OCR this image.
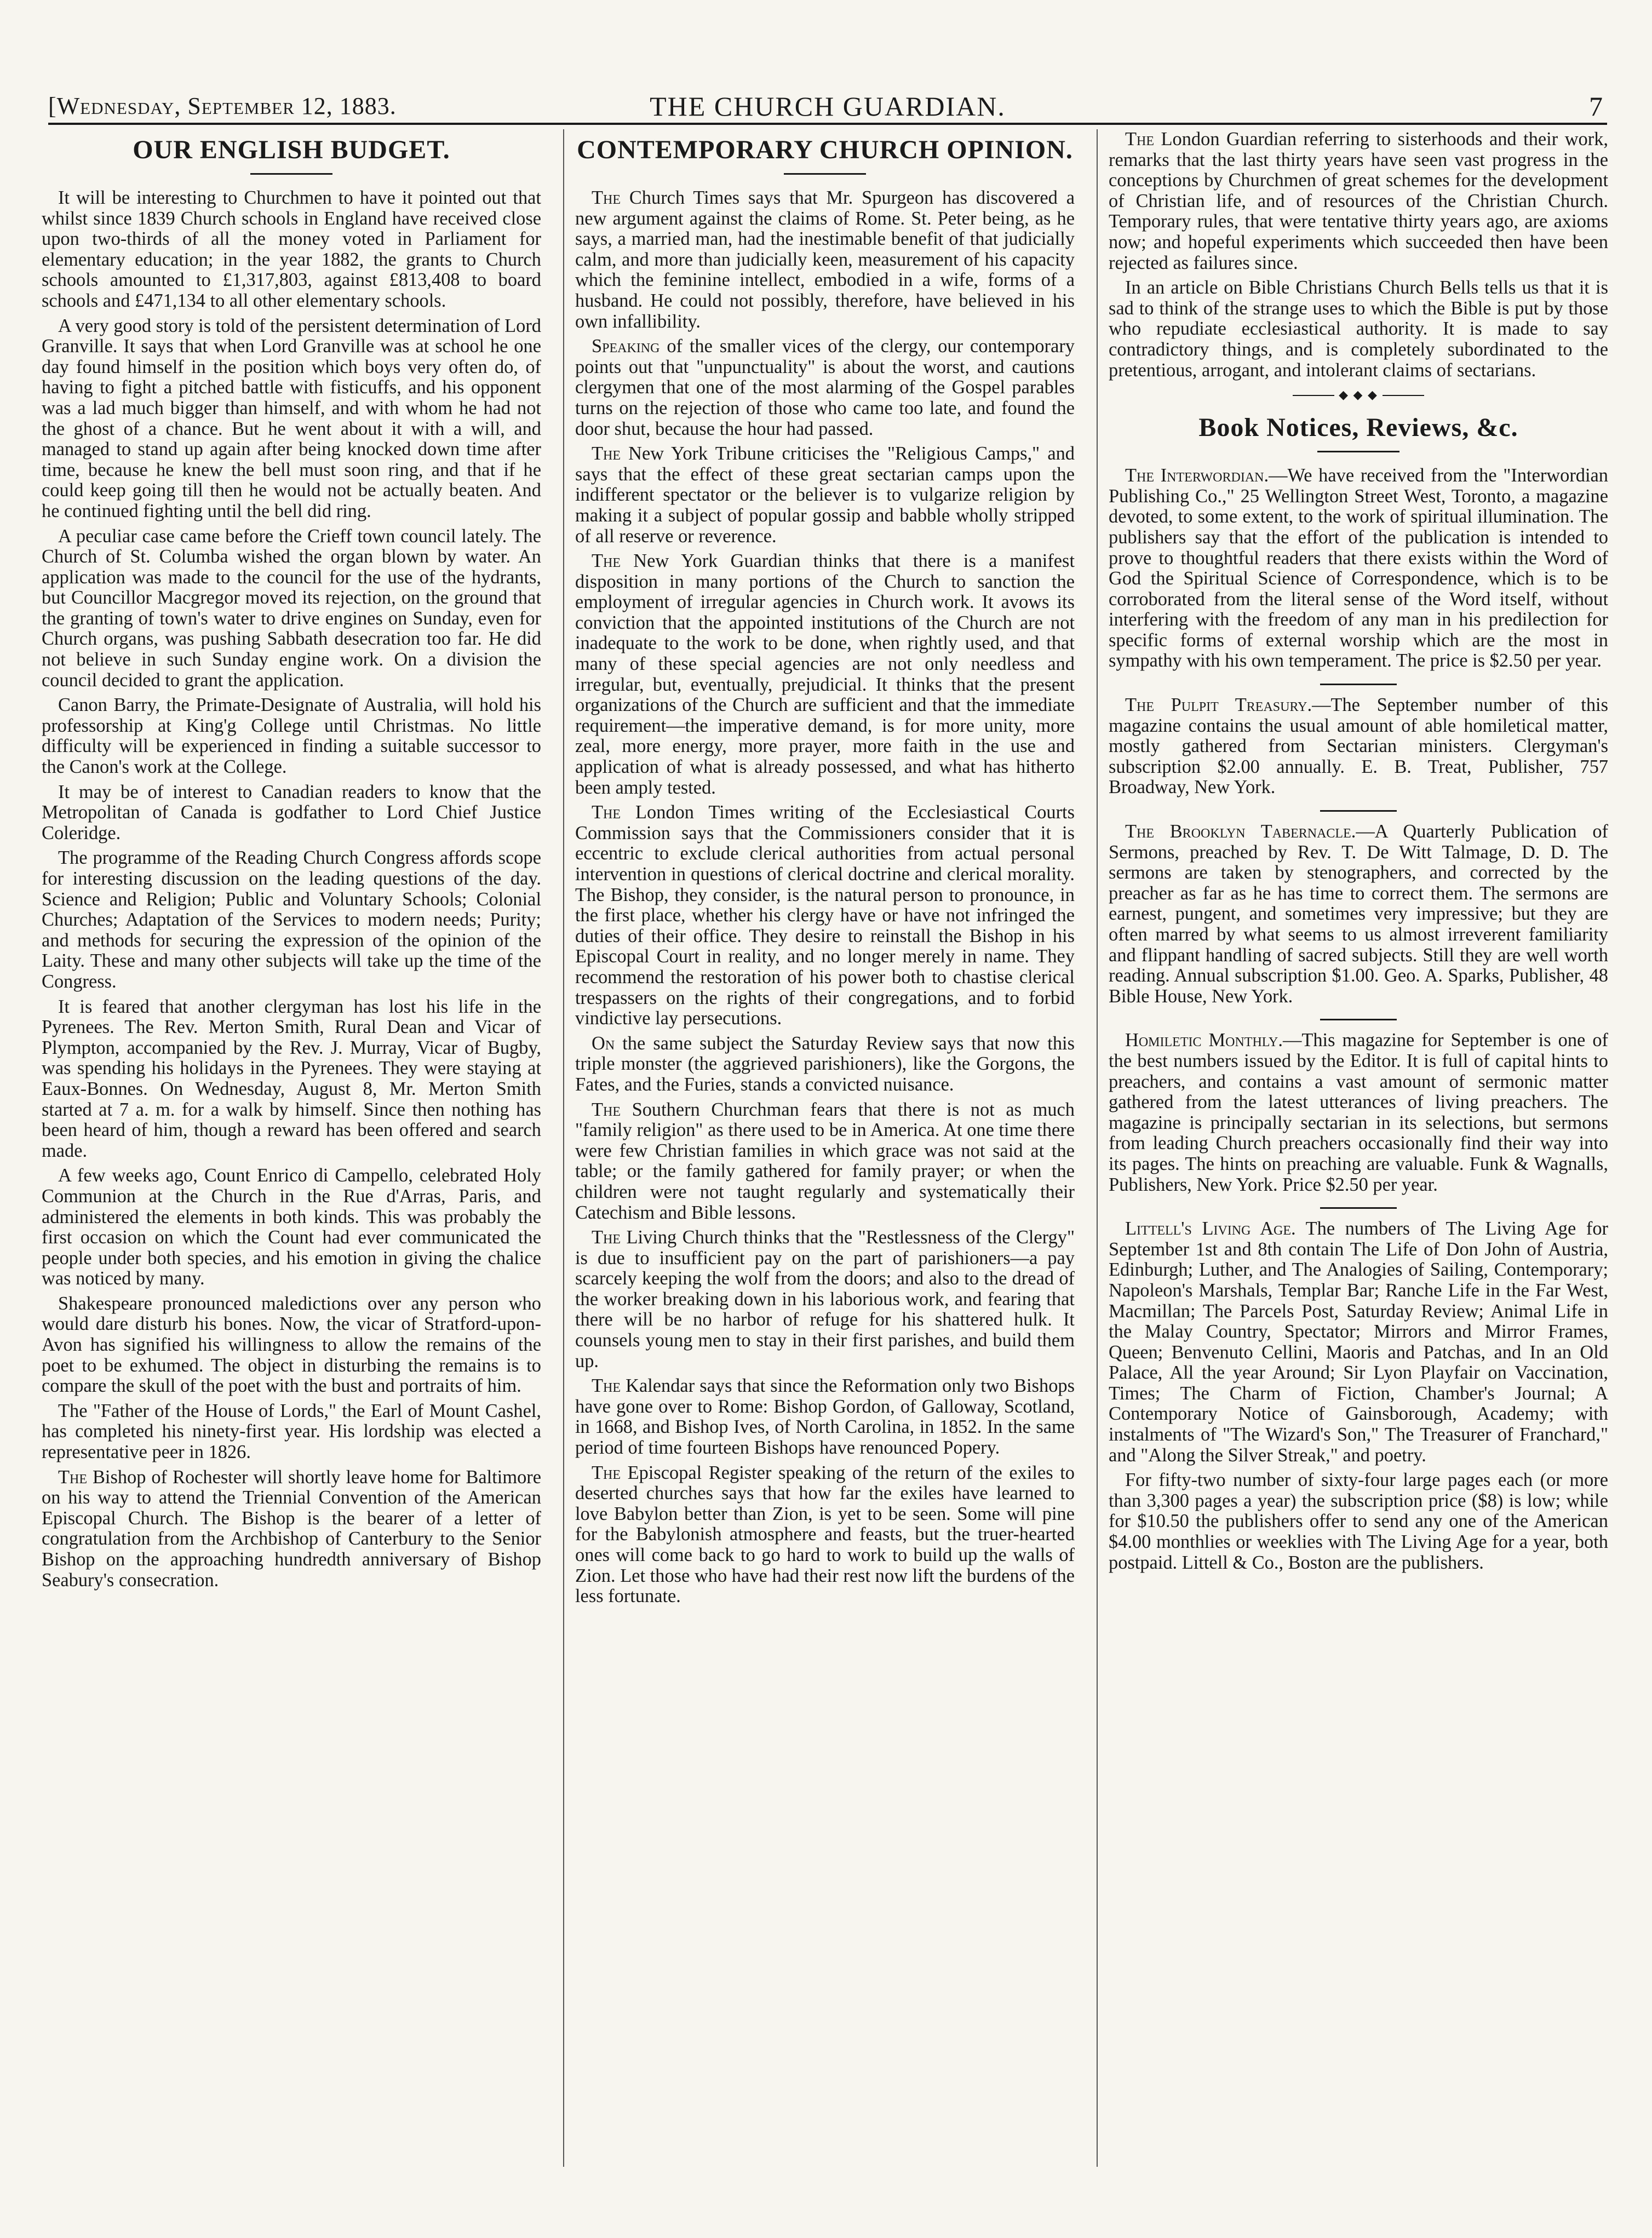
[Wednesday, September 12, 1883.	THE CHURCH GUARDIAN.	7
OUR ENGLISH BUDGET.

It will be interesting to Churchmen to have it pointed out that whilst since 1839 Church schools in England have received close upon two-thirds of all the money voted in Parliament for elementary education; in the year 1882, the grants to Church schools amounted to £1,317,803, against £813,408 to board schools and £471,134 to all other elementary schools.

A very good story is told of the persistent determination of Lord Granville. It says that when Lord Granville was at school he one day found himself in the position which boys very often do, of having to fight a pitched battle with fisticuffs, and his opponent was a lad much bigger than himself, and with whom he had not the ghost of a chance. But he went about it with a will, and managed to stand up again after being knocked down time after time, because he knew the bell must soon ring, and that if he could keep going till then he would not be actually beaten. And he continued fighting until the bell did ring.

A peculiar case came before the Crieff town council lately. The Church of St. Columba wished the organ blown by water. An application was made to the council for the use of the hydrants, but Councillor Macgregor moved its rejection, on the ground that the granting of town's water to drive engines on Sunday, even for Church organs, was pushing Sabbath desecration too far. He did not believe in such Sunday engine work. On a division the council decided to grant the application.

Canon Barry, the Primate-Designate of Australia, will hold his professorship at King'g College until Christmas. No little difficulty will be experienced in finding a suitable successor to the Canon's work at the College.

It may be of interest to Canadian readers to know that the Metropolitan of Canada is godfather to Lord Chief Justice Coleridge.

The programme of the Reading Church Congress affords scope for interesting discussion on the leading questions of the day. Science and Religion; Public and Voluntary Schools; Colonial Churches; Adaptation of the Services to modern needs; Purity; and methods for securing the expression of the opinion of the Laity. These and many other subjects will take up the time of the Congress.

It is feared that another clergyman has lost his life in the Pyrenees. The Rev. Merton Smith, Rural Dean and Vicar of Plympton, accompanied by the Rev. J. Murray, Vicar of Bugby, was spending his holidays in the Pyrenees. They were staying at Eaux-Bonnes. On Wednesday, August 8, Mr. Merton Smith started at 7 a. m. for a walk by himself. Since then nothing has been heard of him, though a reward has been offered and search made.

A few weeks ago, Count Enrico di Campello, celebrated Holy Communion at the Church in the Rue d'Arras, Paris, and administered the elements in both kinds. This was probably the first occasion on which the Count had ever communicated the people under both species, and his emotion in giving the chalice was noticed by many.

Shakespeare pronounced maledictions over any person who would dare disturb his bones. Now, the vicar of Stratford-upon-Avon has signified his willingness to allow the remains of the poet to be exhumed. The object in disturbing the remains is to compare the skull of the poet with the bust and portraits of him.

The "Father of the House of Lords," the Earl of Mount Cashel, has completed his ninety-first year. His lordship was elected a representative peer in 1826.

The Bishop of Rochester will shortly leave home for Baltimore on his way to attend the Triennial Convention of the American Episcopal Church. The Bishop is the bearer of a letter of congratulation from the Archbishop of Canterbury to the Senior Bishop on the approaching hundredth anniversary of Bishop Seabury's consecration.

CONTEMPORARY CHURCH OPINION.

The Church Times says that Mr. Spurgeon has discovered a new argument against the claims of Rome. St. Peter being, as he says, a married man, had the inestimable benefit of that judicially calm, and more than judicially keen, measurement of his capacity which the feminine intellect, embodied in a wife, forms of a husband. He could not possibly, therefore, have believed in his own infallibility.

Speaking of the smaller vices of the clergy, our contemporary points out that "unpunctuality" is about the worst, and cautions clergymen that one of the most alarming of the Gospel parables turns on the rejection of those who came too late, and found the door shut, because the hour had passed.

The New York Tribune criticises the "Religious Camps," and says that the effect of these great sectarian camps upon the indifferent spectator or the believer is to vulgarize religion by making it a subject of popular gossip and babble wholly stripped of all reserve or reverence.

The New York Guardian thinks that there is a manifest disposition in many portions of the Church to sanction the employment of irregular agencies in Church work. It avows its conviction that the appointed institutions of the Church are not inadequate to the work to be done, when rightly used, and that many of these special agencies are not only needless and irregular, but, eventually, prejudicial. It thinks that the present organizations of the Church are sufficient and that the immediate requirement—the imperative demand, is for more unity, more zeal, more energy, more prayer, more faith in the use and application of what is already possessed, and what has hitherto been amply tested.

The London Times writing of the Ecclesiastical Courts Commission says that the Commissioners consider that it is eccentric to exclude clerical authorities from actual personal intervention in questions of clerical doctrine and clerical morality. The Bishop, they consider, is the natural person to pronounce, in the first place, whether his clergy have or have not infringed the duties of their office. They desire to reinstall the Bishop in his Episcopal Court in reality, and no longer merely in name. They recommend the restoration of his power both to chastise clerical trespassers on the rights of their congregations, and to forbid vindictive lay persecutions.

On the same subject the Saturday Review says that now this triple monster (the aggrieved parishioners), like the Gorgons, the Fates, and the Furies, stands a convicted nuisance.

The Southern Churchman fears that there is not as much "family religion" as there used to be in America. At one time there were few Christian families in which grace was not said at the table; or the family gathered for family prayer; or when the children were not taught regularly and systematically their Catechism and Bible lessons.

The Living Church thinks that the "Restlessness of the Clergy" is due to insufficient pay on the part of parishioners—a pay scarcely keeping the wolf from the doors; and also to the dread of the worker breaking down in his laborious work, and fearing that there will be no harbor of refuge for his shattered hulk. It counsels young men to stay in their first parishes, and build them up.

The Kalendar says that since the Reformation only two Bishops have gone over to Rome: Bishop Gordon, of Galloway, Scotland, in 1668, and Bishop Ives, of North Carolina, in 1852. In the same period of time fourteen Bishops have renounced Popery.

The Episcopal Register speaking of the return of the exiles to deserted churches says that how far the exiles have learned to love Babylon better than Zion, is yet to be seen. Some will pine for the Babylonish atmosphere and feasts, but the truer-hearted ones will come back to go hard to work to build up the walls of Zion. Let those who have had their rest now lift the burdens of the less fortunate.

The London Guardian referring to sisterhoods and their work, remarks that the last thirty years have seen vast progress in the conceptions by Churchmen of great schemes for the development of Christian life, and of resources of the Christian Church. Temporary rules, that were tentative thirty years ago, are axioms now; and hopeful experiments which succeeded then have been rejected as failures since.

In an article on Bible Christians Church Bells tells us that it is sad to think of the strange uses to which the Bible is put by those who repudiate ecclesiastical authority. It is made to say contradictory things, and is completely subordinated to the pretentious, arrogant, and intolerant claims of sectarians.

◆ ◆ ◆
Book Notices, Reviews, &c.

The Interwordian.—We have received from the "Interwordian Publishing Co.," 25 Wellington Street West, Toronto, a magazine devoted, to some extent, to the work of spiritual illumination. The publishers say that the effort of the publication is intended to prove to thoughtful readers that there exists within the Word of God the Spiritual Science of Correspondence, which is to be corroborated from the literal sense of the Word itself, without interfering with the freedom of any man in his predilection for specific forms of external worship which are the most in sympathy with his own temperament. The price is $2.50 per year.

The Pulpit Treasury.—The September number of this magazine contains the usual amount of able homiletical matter, mostly gathered from Sectarian ministers. Clergyman's subscription $2.00 annually. E. B. Treat, Publisher, 757 Broadway, New York.

The Brooklyn Tabernacle.—A Quarterly Publication of Sermons, preached by Rev. T. De Witt Talmage, D. D. The sermons are taken by stenographers, and corrected by the preacher as far as he has time to correct them. The sermons are earnest, pungent, and sometimes very impressive; but they are often marred by what seems to us almost irreverent familiarity and flippant handling of sacred subjects. Still they are well worth reading. Annual subscription $1.00. Geo. A. Sparks, Publisher, 48 Bible House, New York.

Homiletic Monthly.—This magazine for September is one of the best numbers issued by the Editor. It is full of capital hints to preachers, and contains a vast amount of sermonic matter gathered from the latest utterances of living preachers. The magazine is principally sectarian in its selections, but sermons from leading Church preachers occasionally find their way into its pages. The hints on preaching are valuable. Funk & Wagnalls, Publishers, New York. Price $2.50 per year.

Littell's Living Age. The numbers of The Living Age for September 1st and 8th contain The Life of Don John of Austria, Edinburgh; Luther, and The Analogies of Sailing, Contemporary; Napoleon's Marshals, Templar Bar; Ranche Life in the Far West, Macmillan; The Parcels Post, Saturday Review; Animal Life in the Malay Country, Spectator; Mirrors and Mirror Frames, Queen; Benvenuto Cellini, Maoris and Patchas, and In an Old Palace, All the year Around; Sir Lyon Playfair on Vaccination, Times; The Charm of Fiction, Chamber's Journal; A Contemporary Notice of Gainsborough, Academy; with instalments of "The Wizard's Son," The Treasurer of Franchard," and "Along the Silver Streak," and poetry.

For fifty-two number of sixty-four large pages each (or more than 3,300 pages a year) the subscription price ($8) is low; while for $10.50 the publishers offer to send any one of the American $4.00 monthlies or weeklies with The Living Age for a year, both postpaid. Littell & Co., Boston are the publishers.
